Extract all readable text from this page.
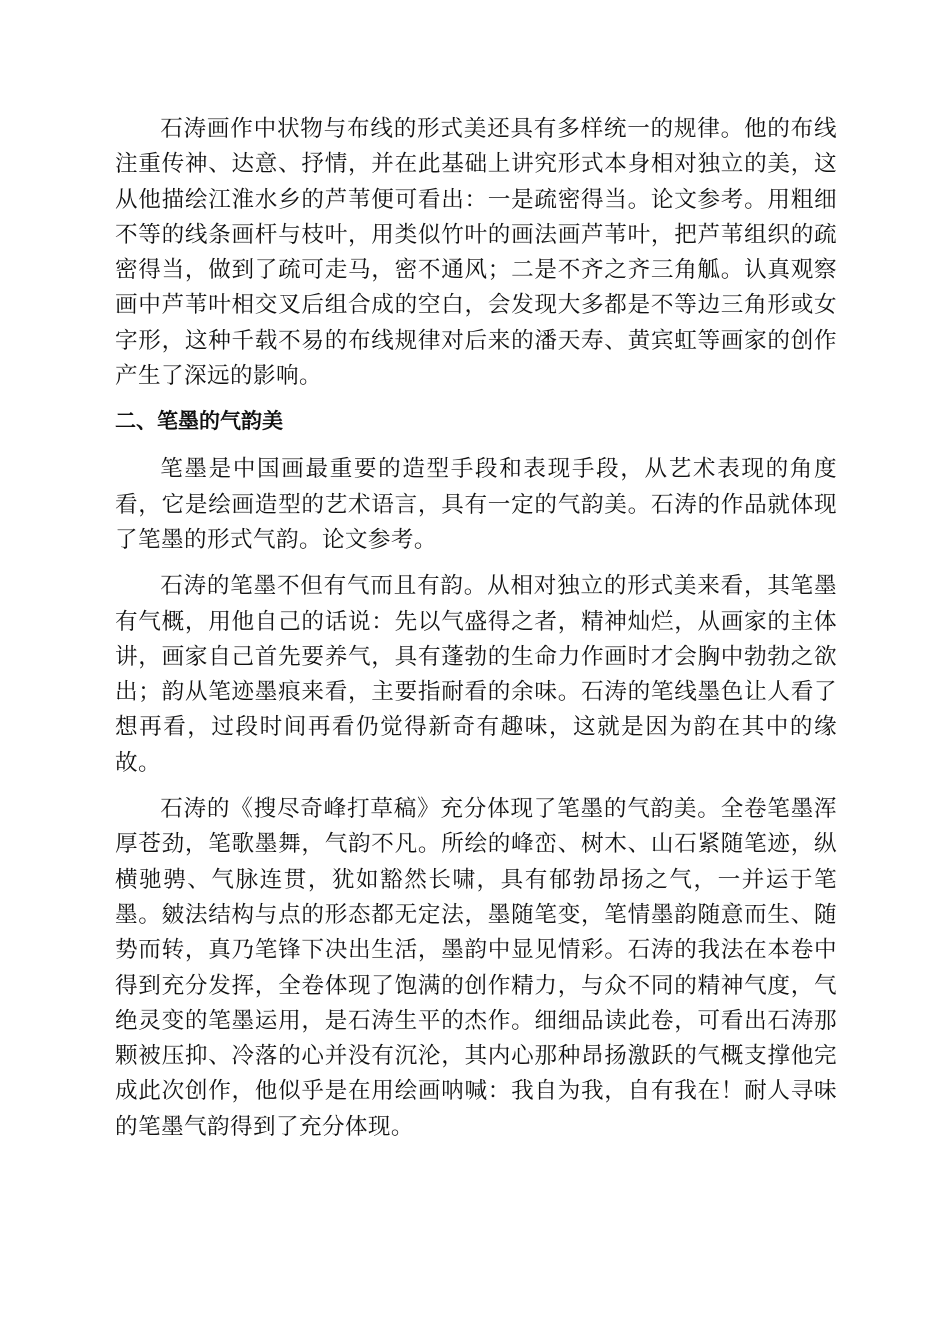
石涛画作中状物与布线的形式美还具有多样统一的规律。他的布线注重传神、达意、抒情，并在此基础上讲究形式本身相对独立的美，这从他描绘江淮水乡的芦苇便可看出：一是疏密得当。论文参考。用粗细不等的线条画杆与枝叶，用类似竹叶的画法画芦苇叶，把芦苇组织的疏密得当，做到了疏可走马，密不通风；二是不齐之齐三角觚。认真观察画中芦苇叶相交叉后组合成的空白，会发现大多都是不等边三角形或女字形，这种千载不易的布线规律对后来的潘天寿、黄宾虹等画家的创作产生了深远的影响。

二、笔墨的气韵美

笔墨是中国画最重要的造型手段和表现手段，从艺术表现的角度看，它是绘画造型的艺术语言，具有一定的气韵美。石涛的作品就体现了笔墨的形式气韵。论文参考。

石涛的笔墨不但有气而且有韵。从相对独立的形式美来看，其笔墨有气概，用他自己的话说：先以气盛得之者，精神灿烂，从画家的主体讲，画家自己首先要养气，具有蓬勃的生命力作画时才会胸中勃勃之欲出；韵从笔迹墨痕来看，主要指耐看的余味。石涛的笔线墨色让人看了想再看，过段时间再看仍觉得新奇有趣味，这就是因为韵在其中的缘故。

石涛的《搜尽奇峰打草稿》充分体现了笔墨的气韵美。全卷笔墨浑厚苍劲，笔歌墨舞，气韵不凡。所绘的峰峦、树木、山石紧随笔迹，纵横驰骋、气脉连贯，犹如豁然长啸，具有郁勃昂扬之气，一并运于笔墨。皴法结构与点的形态都无定法，墨随笔变，笔情墨韵随意而生、随势而转，真乃笔锋下决出生活，墨韵中显见情彩。石涛的我法在本卷中得到充分发挥，全卷体现了饱满的创作精力，与众不同的精神气度，气绝灵变的笔墨运用，是石涛生平的杰作。细细品读此卷，可看出石涛那颗被压抑、冷落的心并没有沉沦，其内心那种昂扬激跃的气概支撑他完成此次创作，他似乎是在用绘画呐喊：我自为我，自有我在！耐人寻味的笔墨气韵得到了充分体现。
